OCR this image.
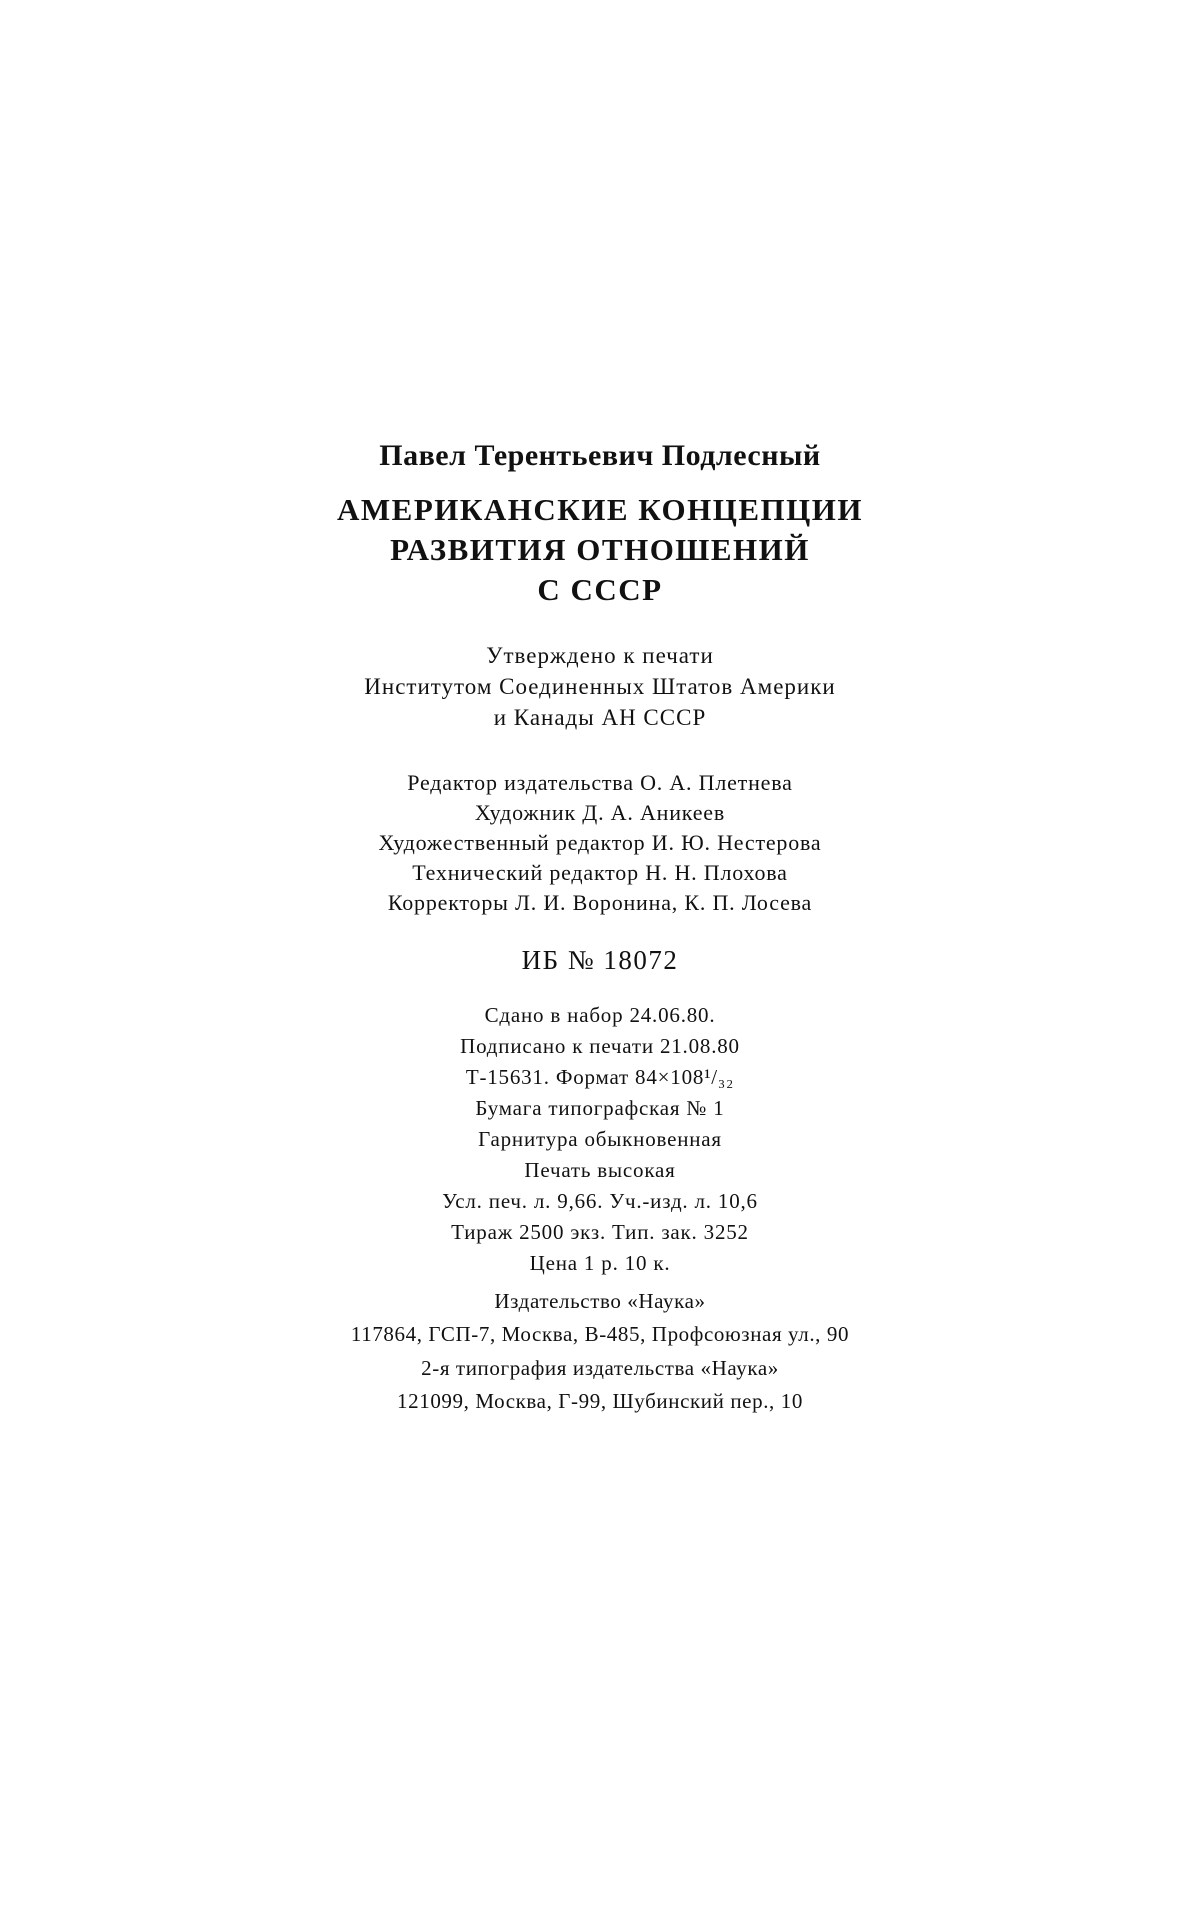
Павел Терентьевич Подлесный
АМЕРИКАНСКИЕ КОНЦЕПЦИИ
РАЗВИТИЯ ОТНОШЕНИЙ
С СССР
Утверждено к печати
Институтом Соединенных Штатов Америки
и Канады АН СССР
Редактор издательства О. А. Плетнева
Художник Д. А. Аникеев
Художественный редактор И. Ю. Нестерова
Технический редактор Н. Н. Плохова
Корректоры Л. И. Воронина, К. П. Лосева
ИБ № 18072
Сдано в набор 24.06.80.
Подписано к печати 21.08.80
Т-15631. Формат 84×108¹/₃₂
Бумага типографская № 1
Гарнитура обыкновенная
Печать высокая
Усл. печ. л. 9,66. Уч.-изд. л. 10,6
Тираж 2500 экз. Тип. зак. 3252
Цена 1 р. 10 к.
Издательство «Наука»
117864, ГСП-7, Москва, В-485, Профсоюзная ул., 90
2-я типография издательства «Наука»
121099, Москва, Г-99, Шубинский пер., 10
